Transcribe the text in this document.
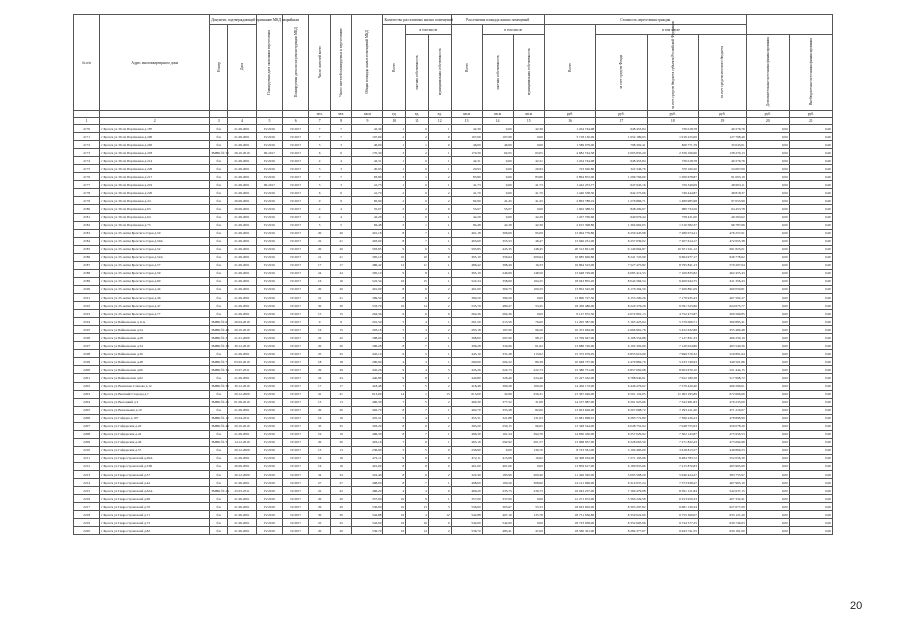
№ п/п	Адрес многоквартирного дома	Документ, подтверждающий признание МКД аварийным		Планируемая дата окончания переселения	Планируемая дата сноса/реконструкции МКД	Число жителей всего	Число жителей планируемых к переселению	Общая площадь жилых помещений МКД	Количество расселяемых жилых помещений			Расселяемая площадь жилых помещений			Стоимость переселения граждан					
		Номер	Дата						Всего	в том числе		Всего	в том числе		Всего	в том числе				
										частная собственность	муниципальная собственность		частная собственность	муниципальная собственность		за счет средств Фонда	за счет средств бюджета субъекта Российской Федерации	за счет средств местного бюджета	Дополнительные источники финансирования	Внебюджетные источники финансирования
						чел.	чел.	кв.м	ед.	ед.	ед.	кв.м	кв.м	кв.м	руб.	руб.	руб.	руб.	руб.	руб.
1	2	3	4	5	6	7	8	9	10	11	12	13	14	15	16	17	18	19	20	21
2170	г Братск ул 30-ти Партизанов д.187	б/н	21.09.2001	IV.2016	IV.2017	7	7	42,39	1	0	1	42,39	0,00	42,39	1 454 744,98	648 453,84	736 018,78	40 276,76	0,00	0,00
2171	г Братск ул 30-ти Партизанов д.200	б/н	21.09.2001	IV.2016	IV.2017	7	7	107,69	2	2	0	107,69	107,69	0,00	3 718 130,09	1 654 189,63	1 916 225,06	127 768,40	0,00	0,00
2172	г Братск ул 30-ти Партизанов д.202	б/н	21.09.2001	IV.2016	IV.2017	3	3	46,00	1	1	0	46,00	46,00	0,00	1 589 079,00	798 302,41	826 771,79	33 045,01	0,00	0,00
2173	г Братск ул 30-ти Партизанов д.203	ЗМВК № 32	26.10.2010	III.2017	IV.2017	6	6	170,39	3	2	1	170,39	62,05	63,05	4 682 744,58	2 005 835,20	2 356 196,60	138 279,13	0,00	0,00
2174	г Братск ул 30-ти Партизанов д.214	б/н	21.09.2001	IV.2016	IV.2017	4	4	42,31	1	0	1	42,31	0,00	42,31	1 454 744,98	648 453,84	736 018,78	40 276,76	0,00	0,00
2175	г Братск ул 30-ти Партизанов д.226	б/н	21.09.2001	IV.2016	IV.2017	3	3	20,93	1	0	1	20,93	0,00	20,93	723 020,80	322 346,76	376 160,20	24 697,09	0,00	0,00
2176	г Братск ул 30-ти Партизанов д.217	б/н	21.09.2001	IV.2016	IV.2017	7	7	83,80	3	1	2	83,80	0,00	83,80	2 894 872,00	1 296 766,60	1 506 678,87	91 005,19	0,00	0,00
2177	г Братск ул 30-ти Партизанов д.219	б/н	21.09.2001	III.2017	IV.2017	3	3	41,73	1	0	1	41,73	0,00	41,73	1 442 253,77	647 945,16	720 349,09	48 603,11	0,00	0,00
2178	г Братск ул 30-ти Партизанов д.220	б/н	21.09.2001	IV.2016	IV.2017	6	6	41,70	2	0	2	41,70	0,00	41,70	1 440 538,30	642 275,66	749 444,87	48 818,37	0,00	0,00
2179	г Братск ул 30-ти Партизанов д.24	б/н	20.09.2001	IV.2016	IV.2017	9	9	82,90	2	0	2	82,90	41,45	41,45	2 863 788,19	1 276 896,71	1 489 985,98	97 055,99	0,00	0,00
2180	г Братск ул 30-ти Партизанов д.63	б/н	20.09.2001	IV.2016	IV.2017	4	4	55,07	2	2	0	55,07	55,07	0,00	1 902 388,31	848 200,67	989 734,56	64 453,78	0,00	0,00
2181	г Братск ул 30-ти Партизанов д.64	б/н	21.09.2001	IV.2016	IV.2017	4	4	42,29	1	0	1	42,29	0,00	42,29	1 457 700,66	649 976,44	758 431,00	49 293,02	0,00	0,00
2182	г Братск ул 30-ти Партизанов д.73	б/н	21.09.2001	IV.2016	IV.2017	5	5	84,48	2	1	1	84,48	42,39	42,39	2 915 398,80	1 304 962,05	1 510 582,37	96 787,66	0,00	0,00
2183	г Братск ул 25-летия Братскгэсстроя д.50	б/н	21.09.2001	IV.2016	IV.2017	20	20	401,18	8	7	1	401,18	306,09	95,09	13 994 779,80	6 259 445,98	7 280 074,21	476 257,61	0,00	0,00
2184	г Братск ул 25-летия Братскгэсстроя д.50А	б/н	21.09.2001	IV.2016	IV.2017	22	21	403,00	8	7	1	403,00	355,53	46,47	13 940 231,00	6 257 639,02	7 207 614,17	472 655,38	0,00	0,00
2185	г Братск ул 25-летия Братскгэсстроя д.52	б/н	21.09.2001	IV.2016	IV.2017	20	20	593,85	9	6	3	593,85	445,35	148,45	20 512 821,00	9 149 664,87	10 671 911,12	691 825,01	0,00	0,00
2186	г Братск ул 25-летия Братскгэсстроя д.52А	б/н	21.09.2001	IV.2016	IV.2017	21	21	395,10	10	10	0	395,10	356,64	200,64	16 685 606,86	8 241 725,99	9 664 977,17	636 778,62	0,00	0,00
2187	г Братск ул 25-летия Братскгэсстроя д.57	б/н	21.09.2001	IV.2016	IV.2017	17	17	486,42	12	11	1	486,42	398,49	16,33	16 864 523,00	7 527 475,82	8 795 841,13	570 207,94	0,00	0,00
2188	г Братск ул 25-летия Братскгэсстроя д.59	б/н	21.09.2001	IV.2016	IV.2017	24	24	395,19	9	8	1	395,19	246,69	148,50	13 648 729,00	6 085 412,53	7 109 835,82	462 455,43	0,00	0,00
2189	г Братск ул 25-летия Братскгэсстроя д.60	б/н	21.09.2001	IV.2016	IV.2017	16	16	522,34	16	15	1	522,34	358,09	164,25	18 043 855,20	8 044 584,54	9 406 944,75	611 356,43	0,00	0,00
2190	г Братск ул 25-летия Братскгэсстроя д.44	б/н	21.09.2001	IV.2016	IV.2017	20	20	401,00	8	6	2	401,00	300,75	100,25	13 852 545,00	6 176 394,59	7 206 891,09	469 059,81	0,00	0,00
2191	г Братск ул 25-летия Братскгэсстроя д.46	б/н	21.09.2001	IV.2016	IV.2017	21	21	399,50	8	6	2	399,50	399,50	0,00	13 800 727,50	6 153 290,26	7 179 935,43	467 502,27	0,00	0,00
2192	г Братск ул 25-летия Братскгэсстроя д.47	б/н	21.09.2001	IV.2016	IV.2017	30	30	533,79	16	14	2	533,79	480,27	53,45	18 436 486,00	8 220 376,20	9 591 523,66	624 675,77	0,00	0,00
2193	г Братск ул 25-летия Братскгэсстроя д.77	б/н	21.09.2001	IV.2016	IV.2017	15	15	264,36	6	6	0	264,36	264,36	0,00	9 127 972,50	4 072 891,13	4 752 473,87	309 569,85	0,00	0,00
2194	г Братск ул Байкальская д.11А	ЗМВК № 6	29.04.2010	IV.2016	IV.2017	9	9	291,50	5	4	1	291,50	215,50	76,00	11 205 387,00	5 165 425,04	5 579 066,71	360 895,41	0,00	0,00
2195	г Братск ул Байкальская д.24	ЗМВК № 49	20.10.2010	IV.2016	IV.2017	16	15	293,18	5	3	2	293,18	197,00	96,20	10 472 064,00	4 666 961,76	5 452 632,88	355 469,48	0,00	0,00
2196	г Братск ул Байкальская д.28	ЗМВК № 3	21.01.2009	IV.2016	IV.2017	22	22	398,00	3	2	1	398,00	297,00	98,17	13 709 947,00	6 108 554,88	7 127 831,33	466 259,19	0,00	0,00
2197	г Братск ул Байкальская д.34	ЗМВК № 33	30.12.2010	IV.2016	IV.2017	20	20	396,28	8	7	1	396,28	334,66	61,62	13 686 720,00	6 102 302,99	7 120 024,86	463 540,56	0,00	0,00
2198	г Братск ул Байкальская д.36	б/н	21.09.2001	IV.2016	IV.2017	25	25	445,10	6	5	1	445,10	331,28	113,62	15 372 079,05	6 853 610,99	7 996 576,32	520 891,64	0,00	0,00
2199	г Братск ул Байкальская д.48	ЗМВК № 7	03.02.2010	IV.2016	IV.2017	18	18	290,90	4	3	1	290,90	204,52	86,38	10 048 737,00	4 479 884,70	5 233 749,93	340 501,86	0,00	0,00
2200	г Братск ул Байкальская д.60	ЗМВК № 34	15.07.2011	IV.2016	IV.2017	29	29	445,26	9	4	5	445,26	222,73	222,73	15 380 751,96	6 857 692,98	8 004 670,10	521 444,15	0,00	0,00
2201	г Братск ул Байкальская д.62	б/н	21.09.2001	IV.2016	IV.2017	24	24	440,80	9	8	1	440,80	326,40	224,40	15 227 432,00	6 788 940,91	7 922 180,38	517 998,72	0,00	0,00
2202	г Братск ул Воинская Сланова д.12	ЗМВК № 36	30.12.2010	IV.2016	IV.2017	17	17	418,48	7	5	2	418,48	309,28	109,20	14 456 172,00	6 446 476,02	7 579 420,40	490 296,01	0,00	0,00
2203	г Братск ул Высший Сторонд д.7	б/н	20.12.2000	IV.2016	IV.2017	41	41	613,00	14	1	13	613,00	32,69	256,31	21 367 049,00	9 501 122,05	11 093 195,89	672 666,06	0,00	0,00
2204	г Братск ул Высоцкий д.3	ЗМВК № 25	01.06.2010	IV.2016	IV.2017	13	13	400,30	7	5	2	400,30	377,52	31,08	14 107 987,00	6 291 925,66	7 343 481,83	479 233,09	0,00	0,00
2205	г Братск ул Вокзальная д.10	б/н	21.09.2001	IV.2016	IV.2017	20	20	402,70	8	7	1	402,70	353,28	82,00	13 923 626,00	6 207 698,72	7 293 411,20	471 216,07	0,00	0,00
2206	г Братск ул Гайдара д.107	ЗМВК № 12	25.04.2011	IV.2016	IV.2017	16	16	455,31	5	4	1	455,31	321,88	131,03	15 681 998,01	6 283 772,80	7 366 226,23	478 898,99	0,00	0,00
2207	г Братск ул Гайдарская д.20	ЗМВК № 46	20.10.2010	IV.2016	IV.2017	35	35	393,20	8	6	2	393,20	250,15	96,05	13 348 544,00	6 048 752,04	7 048 755,63	459 078,29	0,00	0,00
2208	г Братск ул Гайдарская д.42	б/н	21.09.2001	IV.2016	IV.2017	19	19	496,30	8	7	1	496,30	101,54	394,76	14 830 430,00	6 257 029,92	7 302 143,87	475 956,53	0,00	0,00
2209	г Братск ул Гайдарская д.46	ЗМВК № 3	14.12.2010	IV.2016	IV.2017	20	20	403,16	7	6	1	403,16	292,92	201,57	13 968 957,00	6 228 063,59	7 271 822,43	473 694,98	0,00	0,00
2210	г Братск ул Гайдарская д.57	б/н	20.12.2000	IV.2016	IV.2017	13	13	236,90	5	5	0	236,90	0,00	136,70	8 723 561,00	3 100 483,00	3 618 813,57	240 809,23	0,00	0,00
2211	г Братск ул Гидростроителей д.29А	б/н	21.09.2001	IV.2016	IV.2017	16	16	472,11	9	9	0	472,11	415,08	10,62	16 308 034,00	7 271 193,98	8 484 783,72	552 056,30	0,00	0,00
2212	г Братск ул Гидростроителей д.33Б	б/н	20.09.2001	IV.2016	IV.2017	16	16	401,00	8	8	0	401,00	401,00	0,00	13 859 617,00	6 180 955,66	7 215 870,83	463 965,69	0,00	0,00
2213	г Братск ул Гидростроителей д.37	б/н	20.12.2000	IV.2016	IV.2017	34	34	322,40	8	6	2	322,40	183,90	200,40	11 426 365,00	5 095 508,20	5 946 424,27	383 755,97	0,00	0,00
2214	г Братск ул Гидростроителей д.44	б/н	21.09.2001	IV.2016	IV.2017	27	27	408,00	8	7	1	408,00	100,20	308,60	14 121 996,00	6 314 037,24	7 373 638,47	467 963,10	0,00	0,00
2215	г Братск ул Гидростроителей д.62А	ЗМВК № 24	25.03.2011	IV.2016	IV.2017	22	22	466,20	4	4	0	466,20	235,73	230,73	16 043 237,00	7 160 479,08	8 391 121,84	542 637,15	0,00	0,00
2216	г Братск ул Гидростроителей д.69	б/н	21.09.2001	IV.2016	IV.2017	20	20	357,00	10	9	1	357,00	337,00	0,00	12 271 972,00	5 360 229,58	6 253 950,33	407 332,41	0,00	0,00
2217	г Братск ул Гидростроителей д.70	б/н	21.09.2001	IV.2016	IV.2017	29	29	536,00	10	13	3	536,00	303,67	53,33	18 623 002,00	8 303 297,82	9 681 139,34	627 677,09	0,00	0,00
2218	г Братск ул Гидростроителей д.71	б/н	21.09.2001	IV.2016	IV.2017	30	30	542,88	16	4	12	542,88	407,10	135,78	18 751 636,86	8 359 022,60	9 755 369,07	635 121,20	0,00	0,00
2219	г Братск ул Гидростроителей д.73	б/н	21.09.2001	IV.2016	IV.2017	25	25	542,00	16	16	0	542,00	542,00	0,00	18 723 958,00	8 352 695,96	9 744 377,25	630 749,63	0,00	0,00
2220	г Братск ул Гидростроителей д.82	б/н	21.09.2001	IV.2016	IV.2017	20	20	536,70	16	14	2	536,70	483,41	47,09	18 560 301,00	8 284 377,67	9 643 741,55	630 181,00	0,00	0,00
20
